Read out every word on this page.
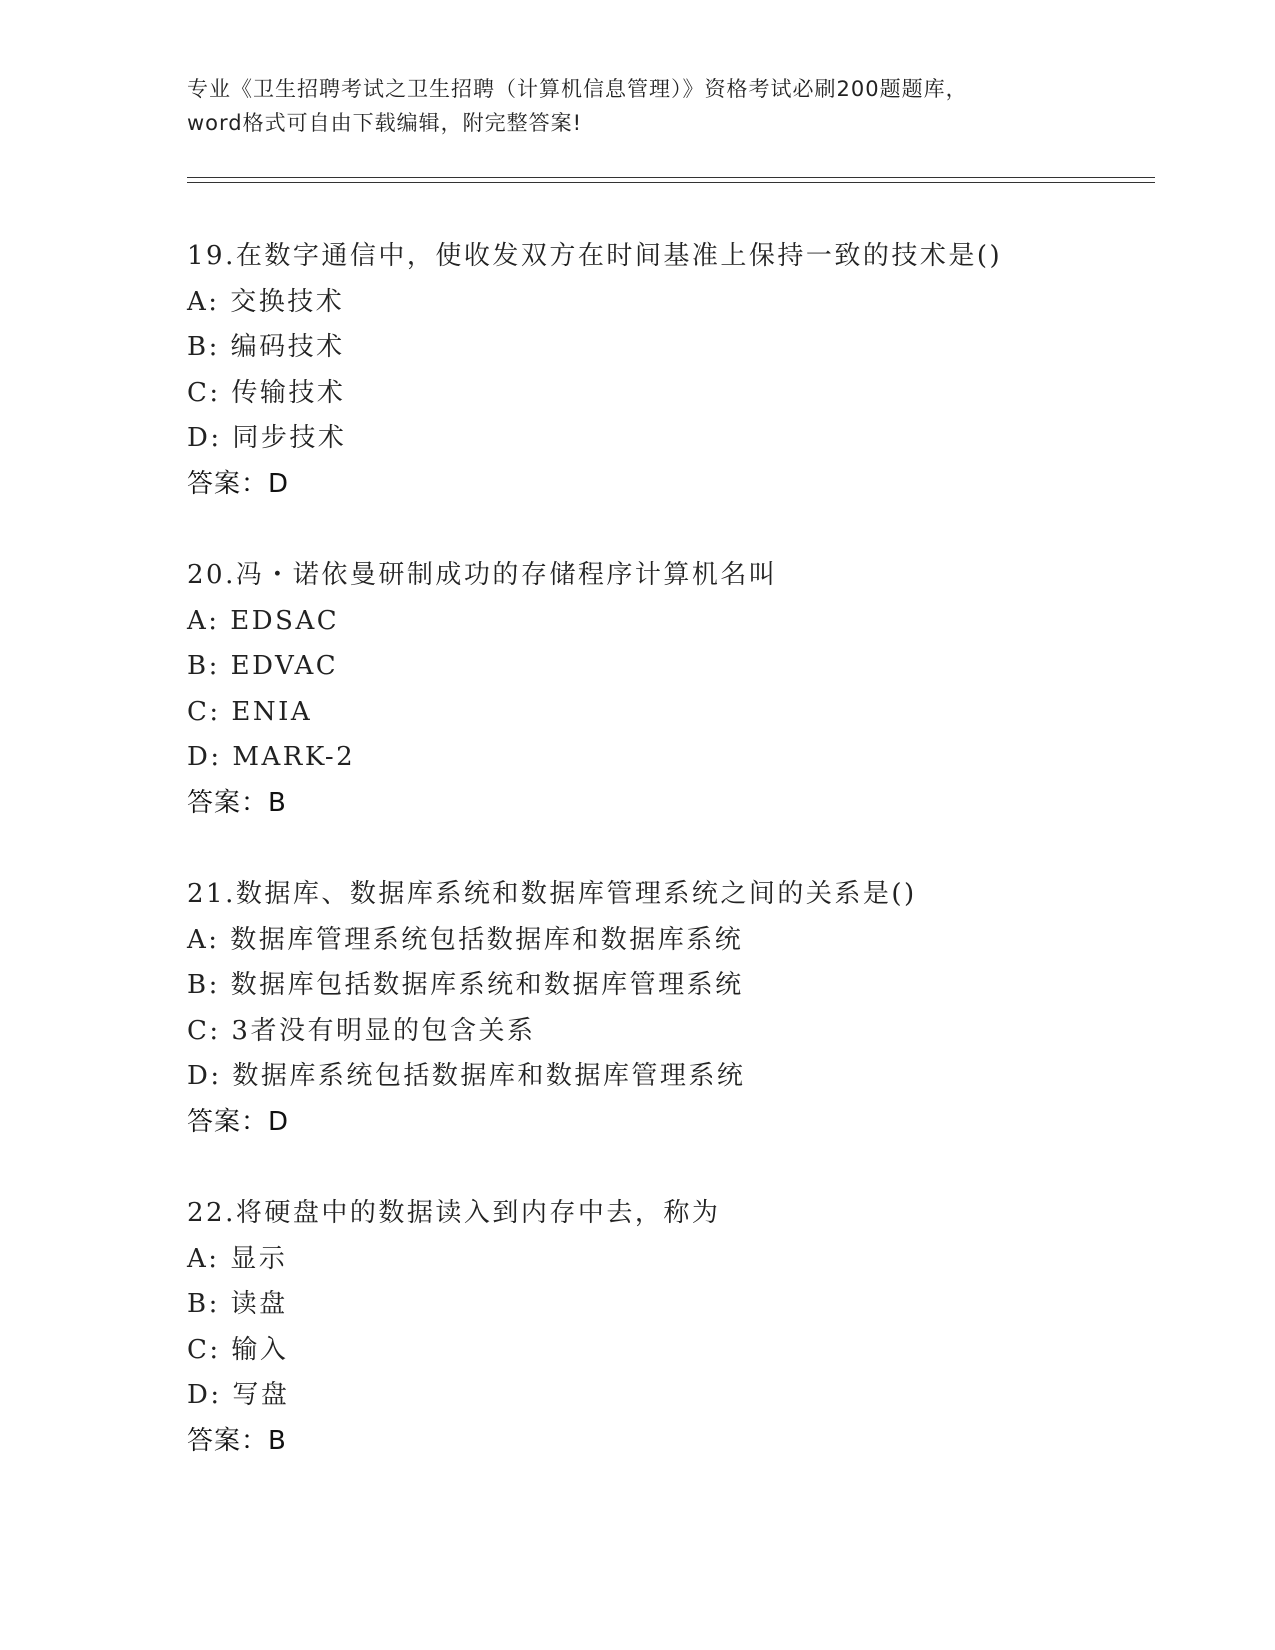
专业《卫生招聘考试之卫生招聘（计算机信息管理）》资格考试必刷200题题库，
word格式可自由下载编辑，附完整答案!
19.在数字通信中，使收发双方在时间基准上保持一致的技术是()
A: 交换技术
B: 编码技术
C: 传输技术
D: 同步技术
答案：D
20.冯・诺依曼研制成功的存储程序计算机名叫
A: EDSAC
B: EDVAC
C: ENIA
D: MARK-2
答案：B
21.数据库、数据库系统和数据库管理系统之间的关系是()
A: 数据库管理系统包括数据库和数据库系统
B: 数据库包括数据库系统和数据库管理系统
C: 3者没有明显的包含关系
D: 数据库系统包括数据库和数据库管理系统
答案：D
22.将硬盘中的数据读入到内存中去，称为
A: 显示
B: 读盘
C: 输入
D: 写盘
答案：B
